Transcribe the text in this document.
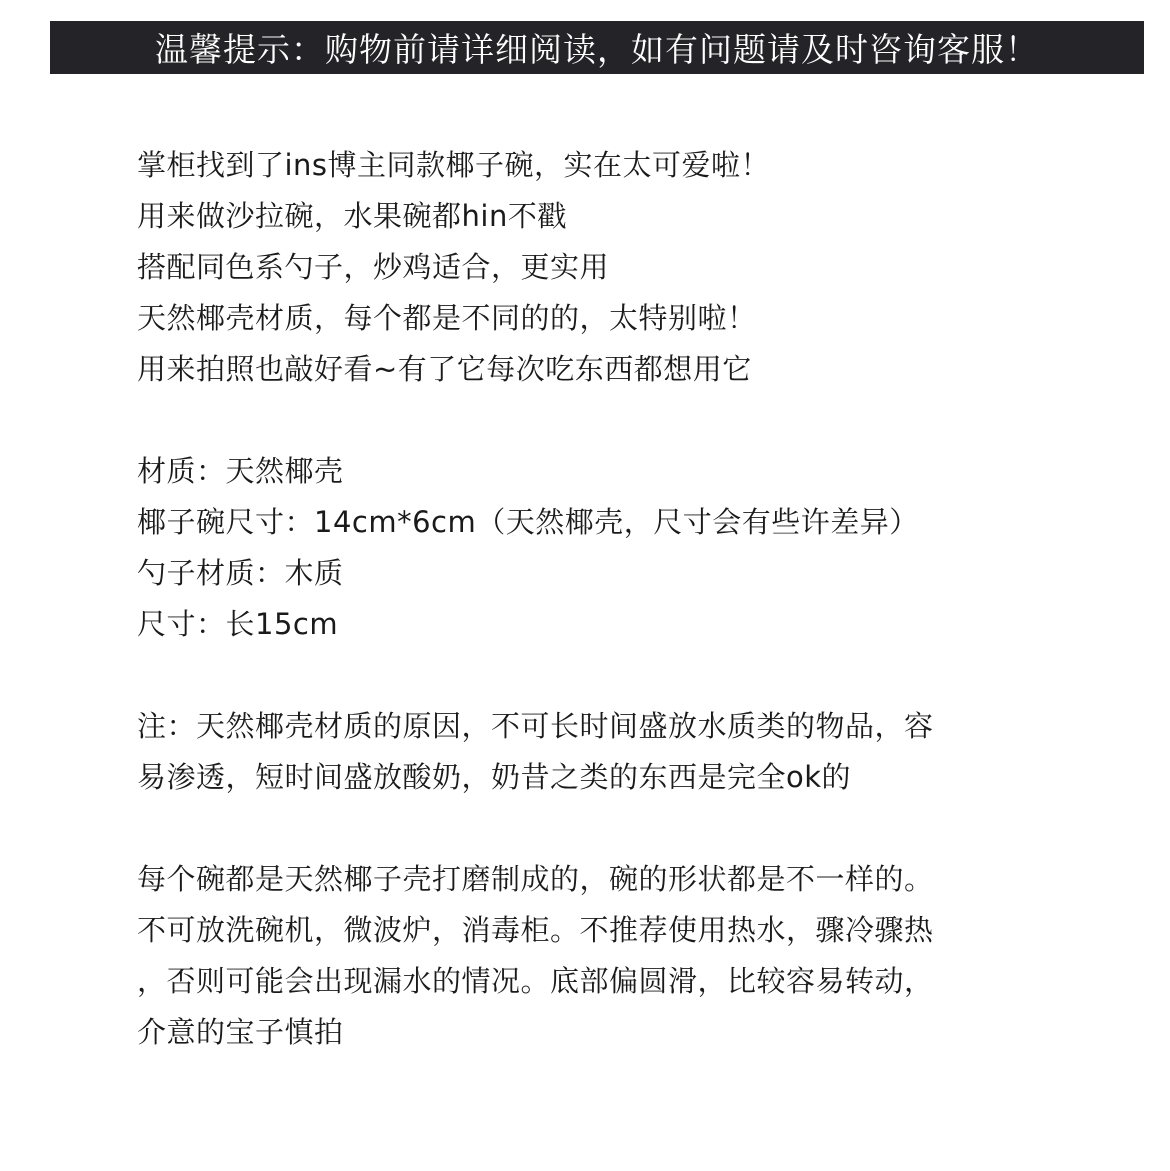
温馨提示：购物前请详细阅读，如有问题请及时咨询客服！
掌柜找到了ins博主同款椰子碗，实在太可爱啦！
用来做沙拉碗，水果碗都hin不戳
搭配同色系勺子，炒鸡适合，更实用
天然椰壳材质，每个都是不同的的，太特别啦！
用来拍照也敲好看~有了它每次吃东西都想用它
材质：天然椰壳
椰子碗尺寸：14cm*6cm（天然椰壳，尺寸会有些许差异）
勺子材质：木质
尺寸：长15cm
注：天然椰壳材质的原因，不可长时间盛放水质类的物品，容
易渗透，短时间盛放酸奶，奶昔之类的东西是完全ok的
每个碗都是天然椰子壳打磨制成的，碗的形状都是不一样的。
不可放洗碗机，微波炉，消毒柜。不推荐使用热水，骤冷骤热
，否则可能会出现漏水的情况。底部偏圆滑，比较容易转动，
介意的宝子慎拍
